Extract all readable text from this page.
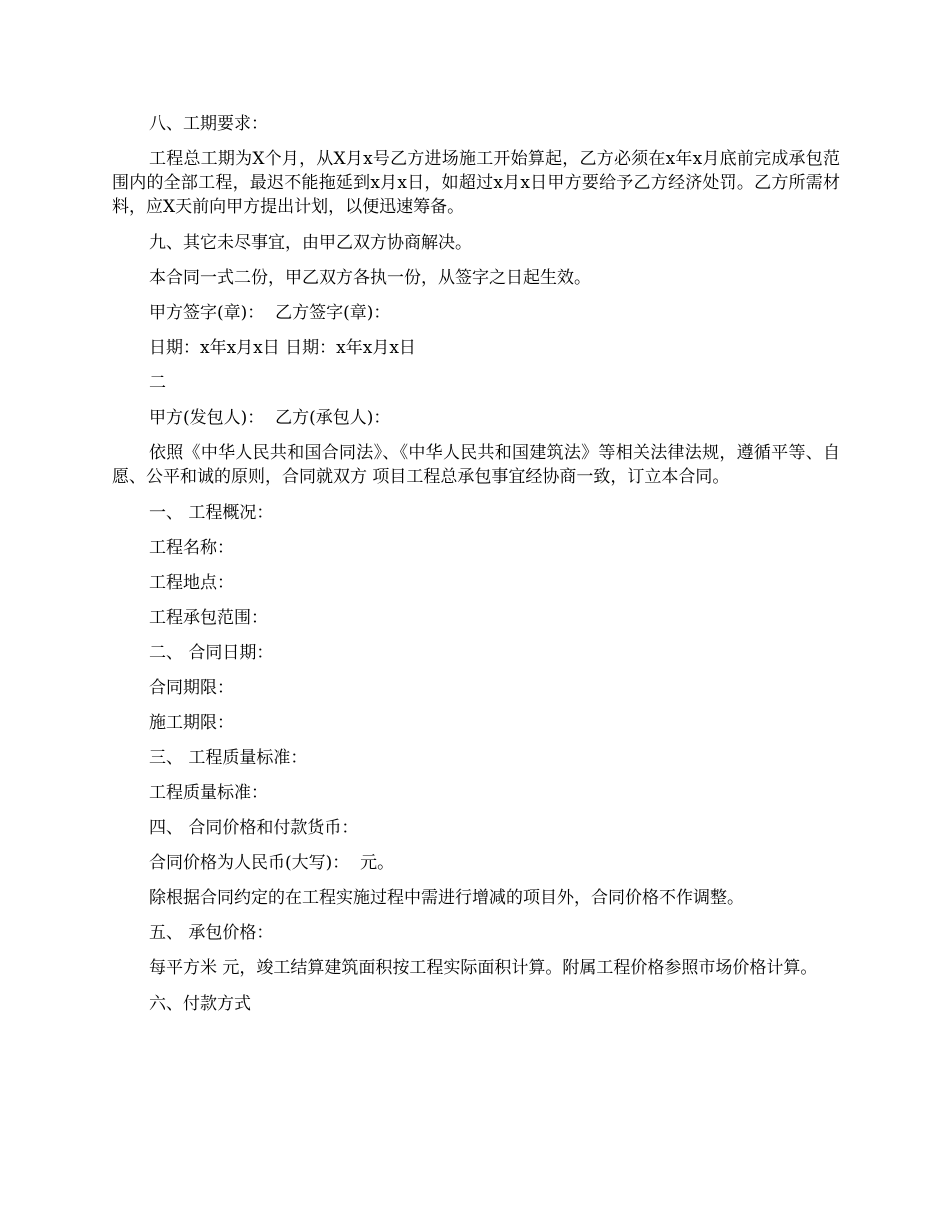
八、工期要求：

工程总工期为X个月，从X月x号乙方进场施工开始算起，乙方必须在x年x月底前完成承包范围内的全部工程，最迟不能拖延到x月x日，如超过x月x日甲方要给予乙方经济处罚。乙方所需材料，应X天前向甲方提出计划，以便迅速筹备。

九、其它未尽事宜，由甲乙双方协商解决。

本合同一式二份，甲乙双方各执一份，从签字之日起生效。

甲方签字(章)：  乙方签字(章)：

日期：x年x月x日 日期：x年x月x日

二

甲方(发包人)：  乙方(承包人)：

依照《中华人民共和国合同法》、《中华人民共和国建筑法》等相关法律法规，遵循平等、自愿、公平和诚的原则，合同就双方 项目工程总承包事宜经协商一致，订立本合同。

一、 工程概况：

工程名称：

工程地点：

工程承包范围：

二、 合同日期：

合同期限：

施工期限：

三、 工程质量标准：

工程质量标准：

四、 合同价格和付款货币：

合同价格为人民币(大写)：  元。

除根据合同约定的在工程实施过程中需进行增减的项目外，合同价格不作调整。

五、 承包价格：

每平方米 元，竣工结算建筑面积按工程实际面积计算。附属工程价格参照市场价格计算。

六、付款方式
